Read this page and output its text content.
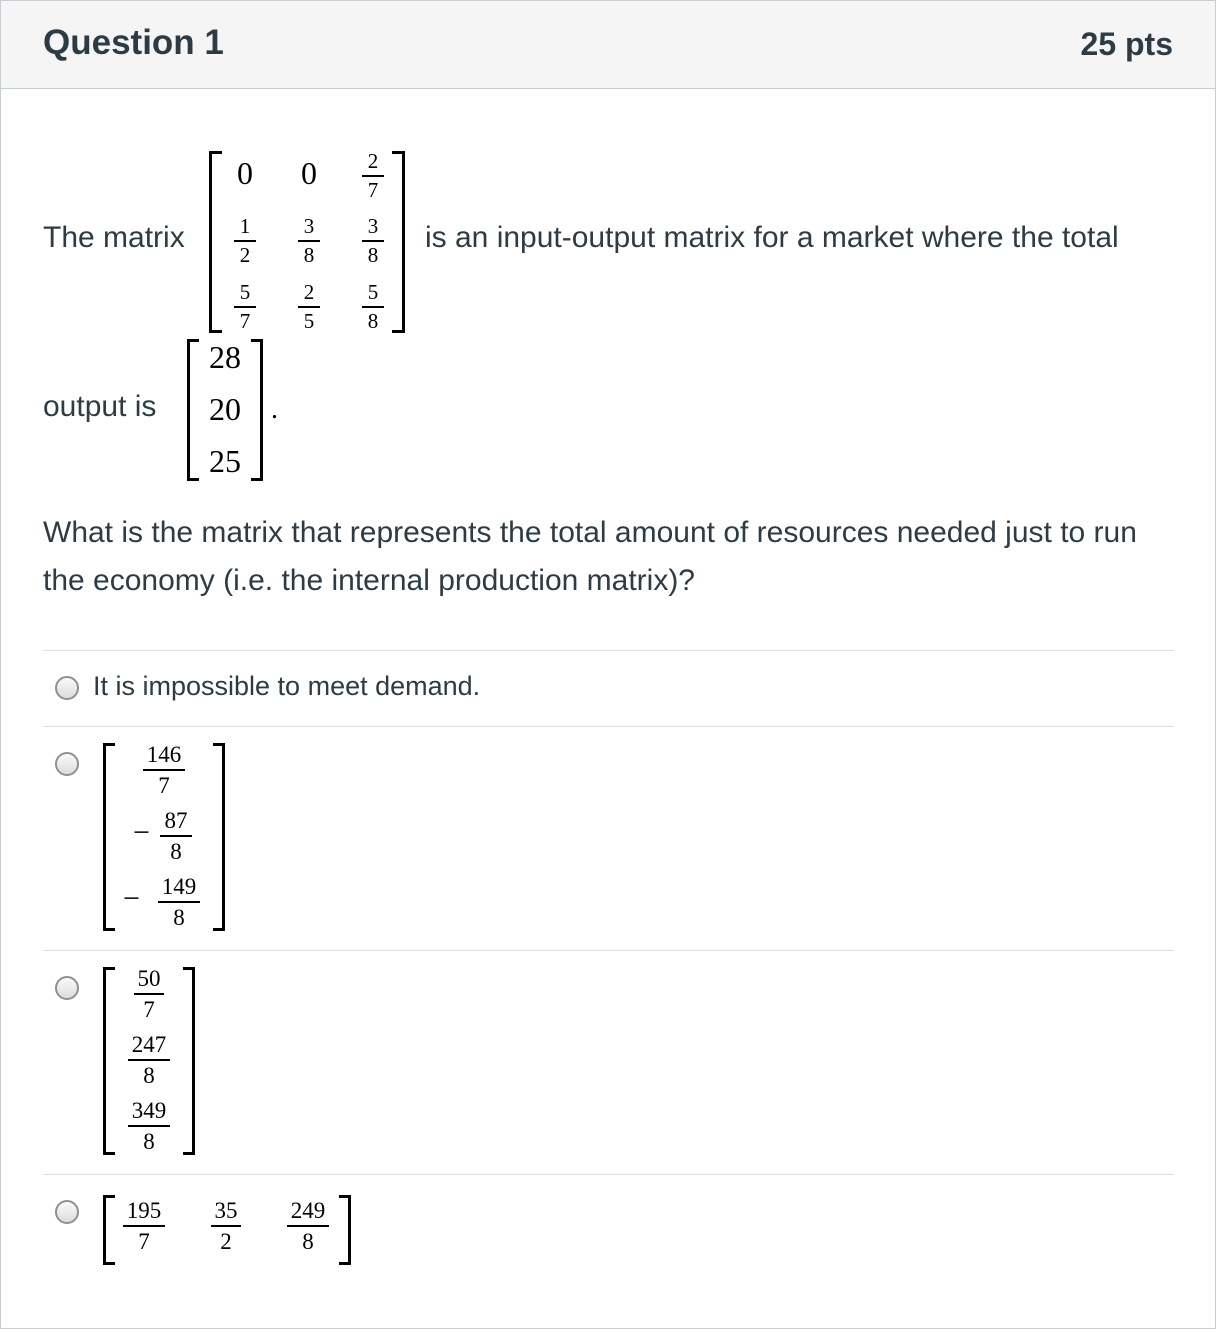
Question 1	25 pts
The matrix
0 0	2
7
1
2
3
8
3
8
5
7
2
5
5
8
is an input-output matrix for a market where the total
output is
28
20
25
.
What is the matrix that represents the total amount of resources needed just to run the economy (i.e. the internal production matrix)?
It is impossible to meet demand.
146
7
− 87
8
− 149
8
50
7
247
8
349
8
195
7
35
2
249
8
